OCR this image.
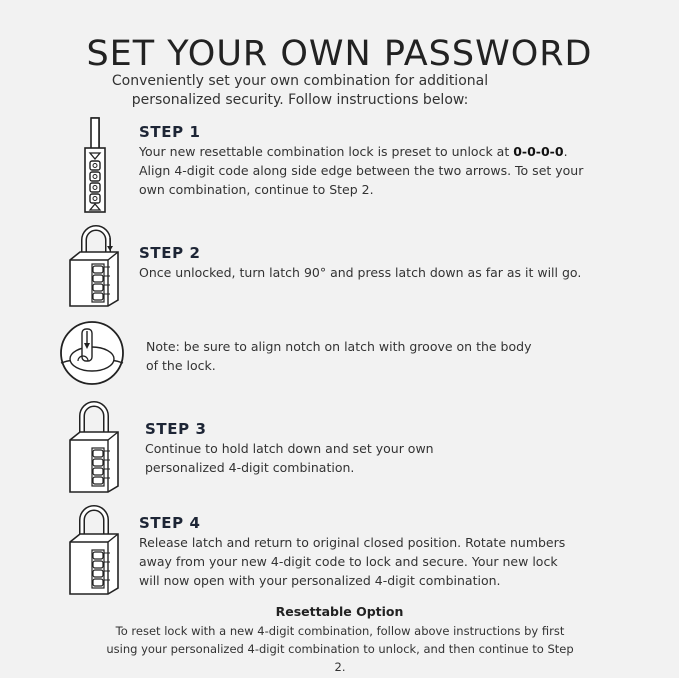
SET YOUR OWN PASSWORD

Conveniently set your own combination for additional personalized security. Follow instructions below:

STEP 1

Your new resettable combination lock is preset to unlock at 0-0-0-0. Align 4-digit code along side edge between the two arrows. To set your own combination, continue to Step 2.

STEP 2

Once unlocked, turn latch 90° and press latch down as far as it will go.

Note: be sure to align notch on latch with groove on the body of the lock.

STEP 3

Continue to hold latch down and set your own personalized 4-digit combination.

STEP 4

Release latch and return to original closed position. Rotate numbers away from your new 4-digit code to lock and secure. Your new lock will now open with your personalized 4-digit combination.

Resettable Option

To reset lock with a new 4-digit combination, follow above instructions by first using your personalized 4-digit combination to unlock, and then continue to Step 2.
